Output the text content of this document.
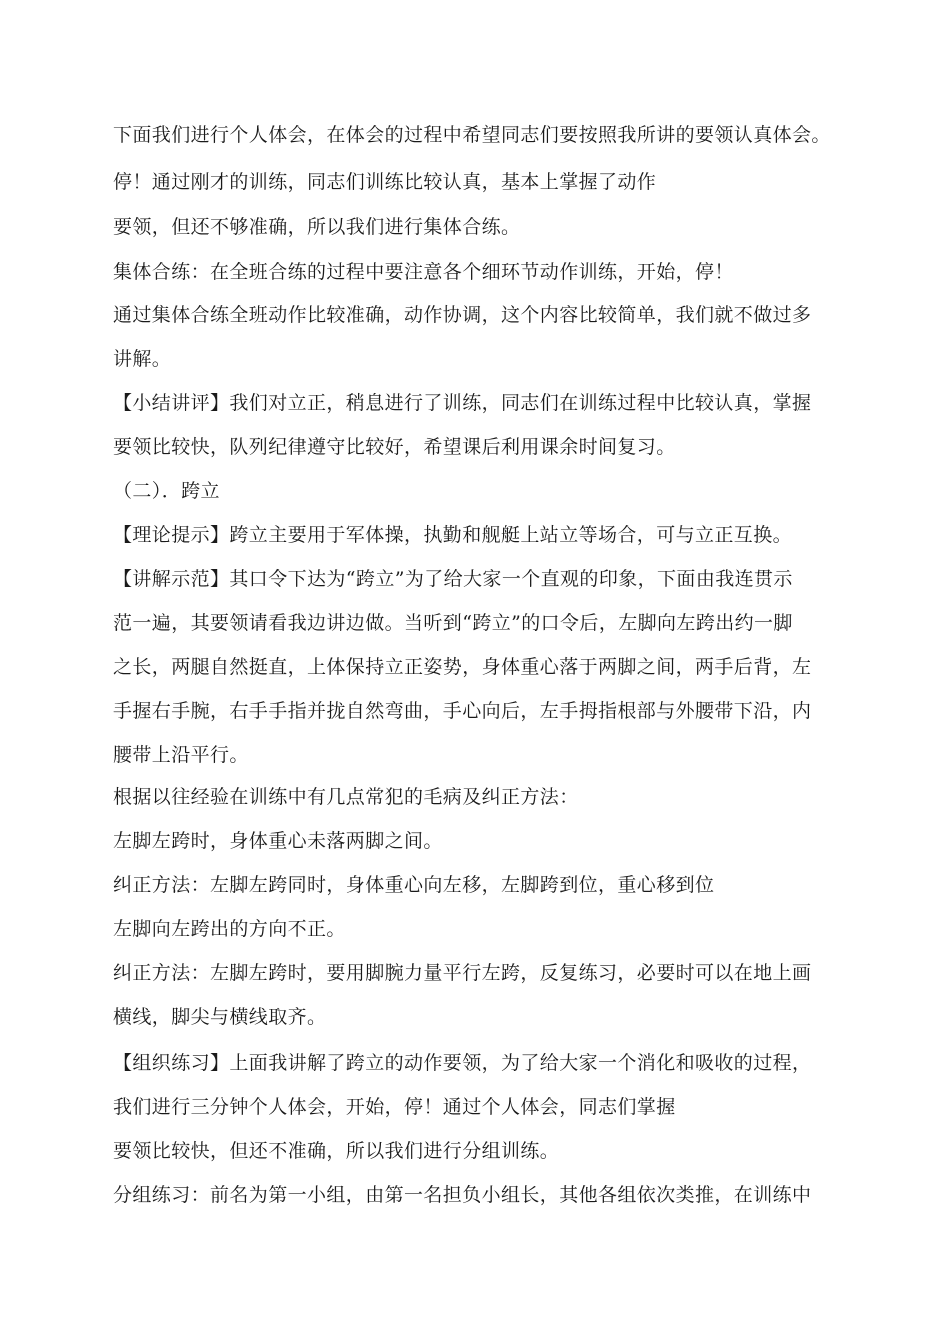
下面我们进行个人体会，在体会的过程中希望同志们要按照我所讲的要领认真体会。
停！通过刚才的训练，同志们训练比较认真，基本上掌握了动作
要领，但还不够准确，所以我们进行集体合练。
集体合练：在全班合练的过程中要注意各个细环节动作训练，开始，停！
通过集体合练全班动作比较准确，动作协调，这个内容比较简单，我们就不做过多
讲解。
【小结讲评】我们对立正，稍息进行了训练，同志们在训练过程中比较认真，掌握
要领比较快，队列纪律遵守比较好，希望课后利用课余时间复习。
（二）．跨立
【理论提示】跨立主要用于军体操，执勤和舰艇上站立等场合，可与立正互换。
【讲解示范】其口令下达为“跨立”为了给大家一个直观的印象，下面由我连贯示
范一遍，其要领请看我边讲边做。当听到“跨立”的口令后，左脚向左跨出约一脚
之长，两腿自然挺直，上体保持立正姿势，身体重心落于两脚之间，两手后背，左
手握右手腕，右手手指并拢自然弯曲，手心向后，左手拇指根部与外腰带下沿，内
腰带上沿平行。
根据以往经验在训练中有几点常犯的毛病及纠正方法：
左脚左跨时，身体重心未落两脚之间。
纠正方法：左脚左跨同时，身体重心向左移，左脚跨到位，重心移到位
左脚向左跨出的方向不正。
纠正方法：左脚左跨时，要用脚腕力量平行左跨，反复练习，必要时可以在地上画
横线，脚尖与横线取齐。
【组织练习】上面我讲解了跨立的动作要领，为了给大家一个消化和吸收的过程，
我们进行三分钟个人体会，开始，停！通过个人体会，同志们掌握
要领比较快，但还不准确，所以我们进行分组训练。
分组练习：前名为第一小组，由第一名担负小组长，其他各组依次类推，在训练中
